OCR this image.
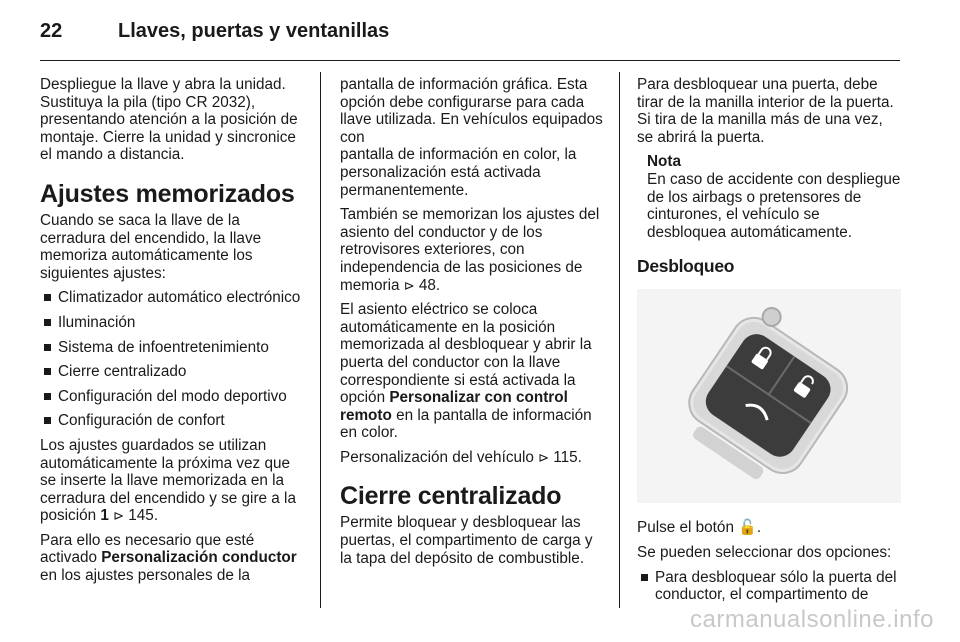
22	Llaves, puertas y ventanillas

Despliegue la llave y abra la unidad. Sustituya la pila (tipo CR 2032), presentando atención a la posición de montaje. Cierre la unidad y sincronice el mando a distancia.

Ajustes memorizados

Cuando se saca la llave de la cerradura del encendido, la llave memoriza automáticamente los siguientes ajustes:

Climatizador automático electrónico
Iluminación
Sistema de infoentretenimiento
Cierre centralizado
Configuración del modo deportivo
Configuración de confort

Los ajustes guardados se utilizan automáticamente la próxima vez que se inserte la llave memorizada en la cerradura del encendido y se gire a la posición 1 ⊳ 145.

Para ello es necesario que esté activado Personalización conductor en los ajustes personales de la

pantalla de información gráfica. Esta opción debe configurarse para cada llave utilizada. En vehículos equipados con
pantalla de información en color, la personalización está activada permanentemente.

También se memorizan los ajustes del asiento del conductor y de los retrovisores exteriores, con independencia de las posiciones de memoria ⊳ 48.

El asiento eléctrico se coloca automáticamente en la posición memorizada al desbloquear y abrir la puerta del conductor con la llave correspondiente si está activada la opción Personalizar con control remoto en la pantalla de información en color.

Personalización del vehículo ⊳ 115.

Cierre centralizado

Permite bloquear y desbloquear las puertas, el compartimento de carga y la tapa del depósito de combustible.

Para desbloquear una puerta, debe tirar de la manilla interior de la puerta. Si tira de la manilla más de una vez, se abrirá la puerta.

Nota
En caso de accidente con despliegue de los airbags o pretensores de cinturones, el vehículo se desbloquea automáticamente.
Desbloqueo

Pulse el botón 🔓.

Se pueden seleccionar dos opciones:

Para desbloquear sólo la puerta del conductor, el compartimento de
carmanualsonline.info
